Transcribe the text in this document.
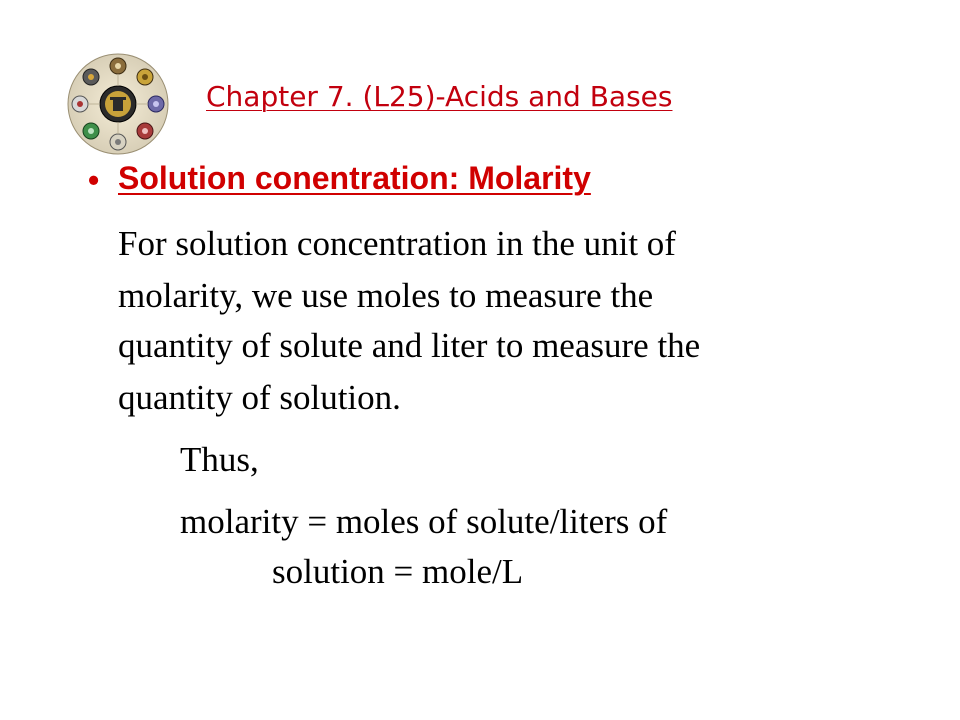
Chapter 7. (L25)-Acids and Bases
• Solution conentration: Molarity
For solution concentration in the unit of
molarity, we use moles to measure the
quantity of solute and liter to measure the
quantity of solution.
Thus,
molarity = moles of solute/liters of
solution = mole/L
